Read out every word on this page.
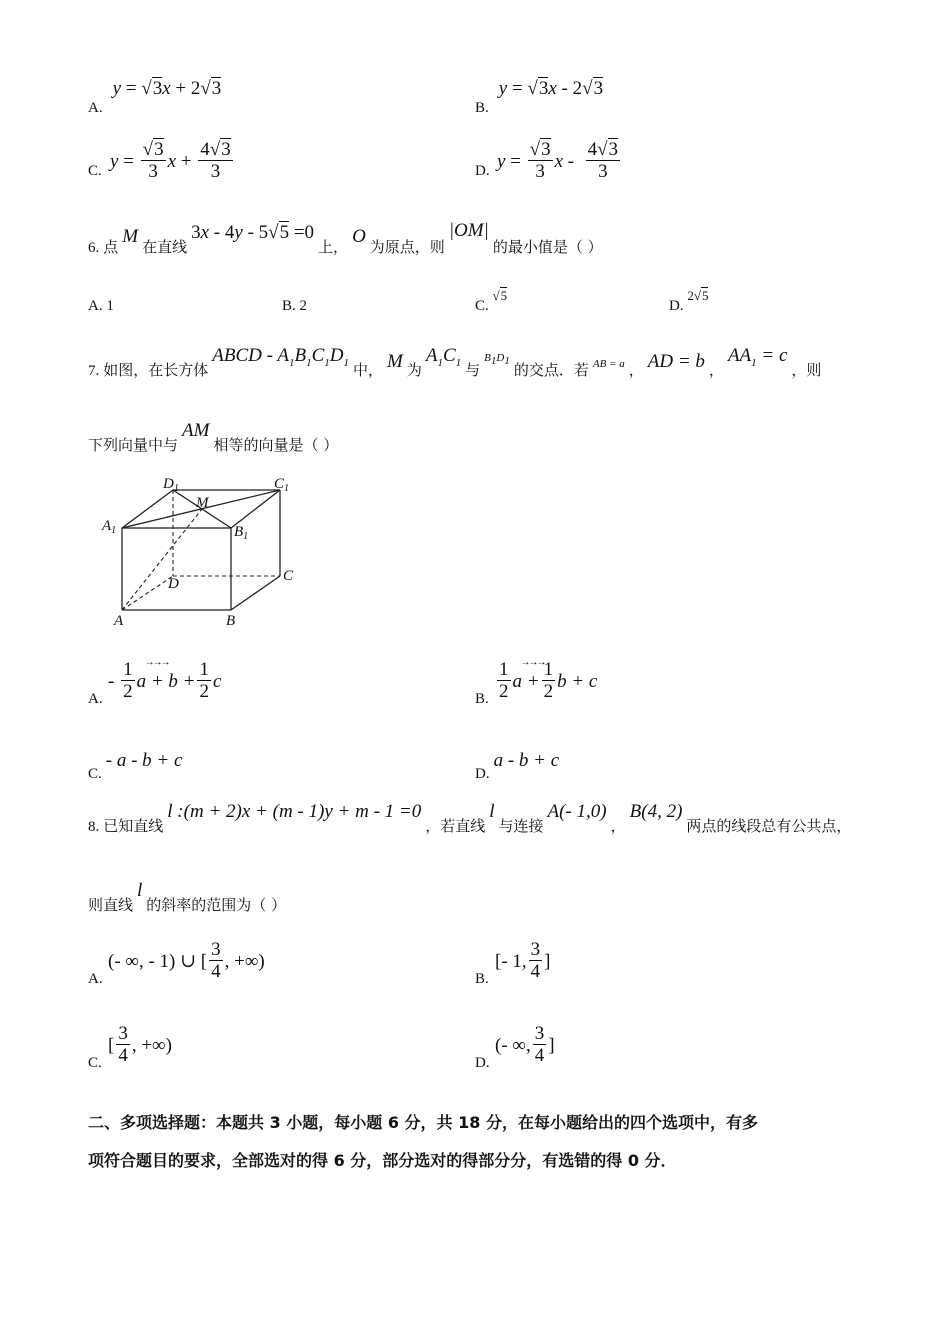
A. y = √3x + 2√3
B. y = √3x - 2√3
C. $y = \frac{√3}{3}$ $x + \frac{4√3}{3}$	D. $y = \frac{√3}{3}$ x - $\frac{4√3}{3}$
6. 点 M 在直线 3x - 4y - 5√5 =0 上， O 为原点，则 |OM| 的最小值是（ ）
A. 1	B. 2	C. √5
D. 2√5
7. 如图，在长方体 ABCD - $A_1B_1C_1D_1$ 中， M 为 $A_1C_1$ 与 $B_1D_1$ 的交点．若 $_{AB = a}$ ， AD = b ， $AA_1 = c$ ，则
下列向量中与 AM 相等的向量是（ ）
$D_1$	$C_1$
M
$A_1$	$B_1$
D	C
A	B
A.
- $\frac{1}{2}$ a + b +
→→→ $\frac{1}{2}$ c
B. $\frac{1}{2}$ a +
→→→
$\frac{1}{2}$ b + c
C. - a - b + c
D. a - b + c
8. 已知直线 l :(m + 2)x + (m - 1)y + m - 1 =0 ，若直线 l 与连接 A(- 1,0) ， B(4, 2) 两点的线段总有公共点，
则直线 l 的斜率的范围为（ ）
A.
(- ∞, - 1) ∪ [ $\frac{3}{4}$ , +∞)
B.
[- 1, $\frac{3}{4}$ ]
C.
[ $\frac{3}{4}$ , +∞)
D.
(- ∞, $\frac{3}{4}$ ]
二、多项选择题：本题共 3 小题，每小题 6 分，共 18 分，在每小题给出的四个选项中，有多
项符合题目的要求，全部选对的得 6 分，部分选对的得部分分，有选错的得 0 分．
